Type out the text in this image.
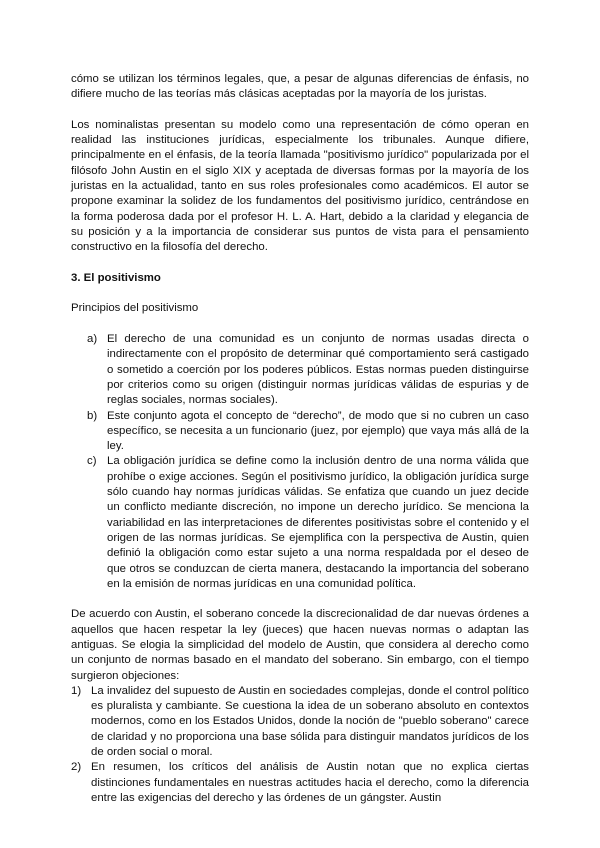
cómo se utilizan los términos legales, que, a pesar de algunas diferencias de énfasis, no difiere mucho de las teorías más clásicas aceptadas por la mayoría de los juristas.

Los nominalistas presentan su modelo como una representación de cómo operan en realidad las instituciones jurídicas, especialmente los tribunales. Aunque difiere, principalmente en el énfasis, de la teoría llamada "positivismo jurídico" popularizada por el filósofo John Austin en el siglo XIX y aceptada de diversas formas por la mayoría de los juristas en la actualidad, tanto en sus roles profesionales como académicos. El autor se propone examinar la solidez de los fundamentos del positivismo jurídico, centrándose en la forma poderosa dada por el profesor H. L. A. Hart, debido a la claridad y elegancia de su posición y a la importancia de considerar sus puntos de vista para el pensamiento constructivo en la filosofía del derecho.

3. El positivismo

Principios del positivismo

a) El derecho de una comunidad es un conjunto de normas usadas directa o indirectamente con el propósito de determinar qué comportamiento será castigado o sometido a coerción por los poderes públicos. Estas normas pueden distinguirse por criterios como su origen (distinguir normas jurídicas válidas de espurias y de reglas sociales, normas sociales).
b) Este conjunto agota el concepto de “derecho”, de modo que si no cubren un caso específico, se necesita a un funcionario (juez, por ejemplo) que vaya más allá de la ley.
c) La obligación jurídica se define como la inclusión dentro de una norma válida que prohíbe o exige acciones. Según el positivismo jurídico, la obligación jurídica surge sólo cuando hay normas jurídicas válidas. Se enfatiza que cuando un juez decide un conflicto mediante discreción, no impone un derecho jurídico. Se menciona la variabilidad en las interpretaciones de diferentes positivistas sobre el contenido y el origen de las normas jurídicas. Se ejemplifica con la perspectiva de Austin, quien definió la obligación como estar sujeto a una norma respaldada por el deseo de que otros se conduzcan de cierta manera, destacando la importancia del soberano en la emisión de normas jurídicas en una comunidad política.

De acuerdo con Austin, el soberano concede la discrecionalidad de dar nuevas órdenes a aquellos que hacen respetar la ley (jueces) que hacen nuevas normas o adaptan las antiguas. Se elogia la simplicidad del modelo de Austin, que considera al derecho como un conjunto de normas basado en el mandato del soberano. Sin embargo, con el tiempo surgieron objeciones:

1) La invalidez del supuesto de Austin en sociedades complejas, donde el control político es pluralista y cambiante. Se cuestiona la idea de un soberano absoluto en contextos modernos, como en los Estados Unidos, donde la noción de "pueblo soberano" carece de claridad y no proporciona una base sólida para distinguir mandatos jurídicos de los de orden social o moral.
2) En resumen, los críticos del análisis de Austin notan que no explica ciertas distinciones fundamentales en nuestras actitudes hacia el derecho, como la diferencia entre las exigencias del derecho y las órdenes de un gángster. Austin
